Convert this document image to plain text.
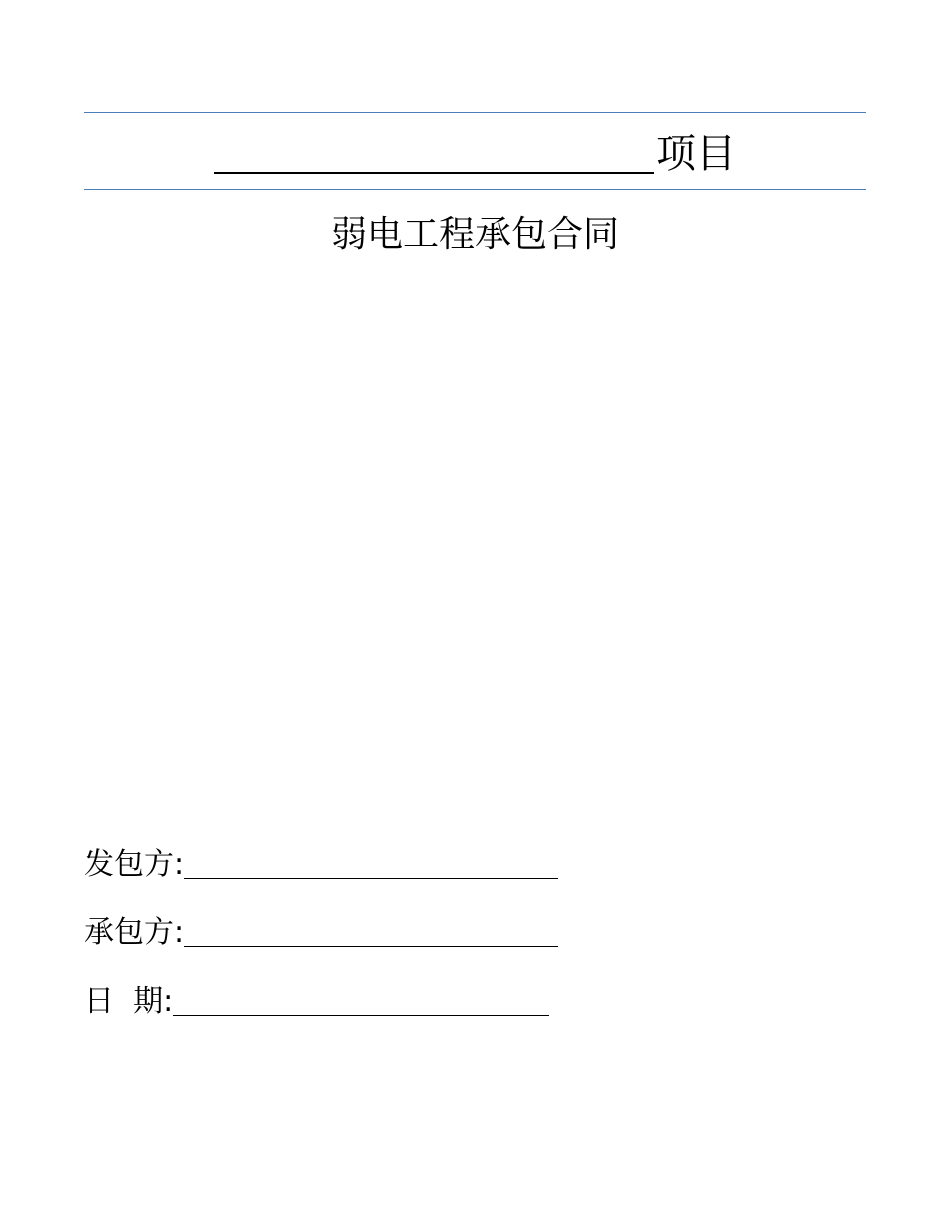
项目
弱电工程承包合同
发包方:
承包方:
日  期:
